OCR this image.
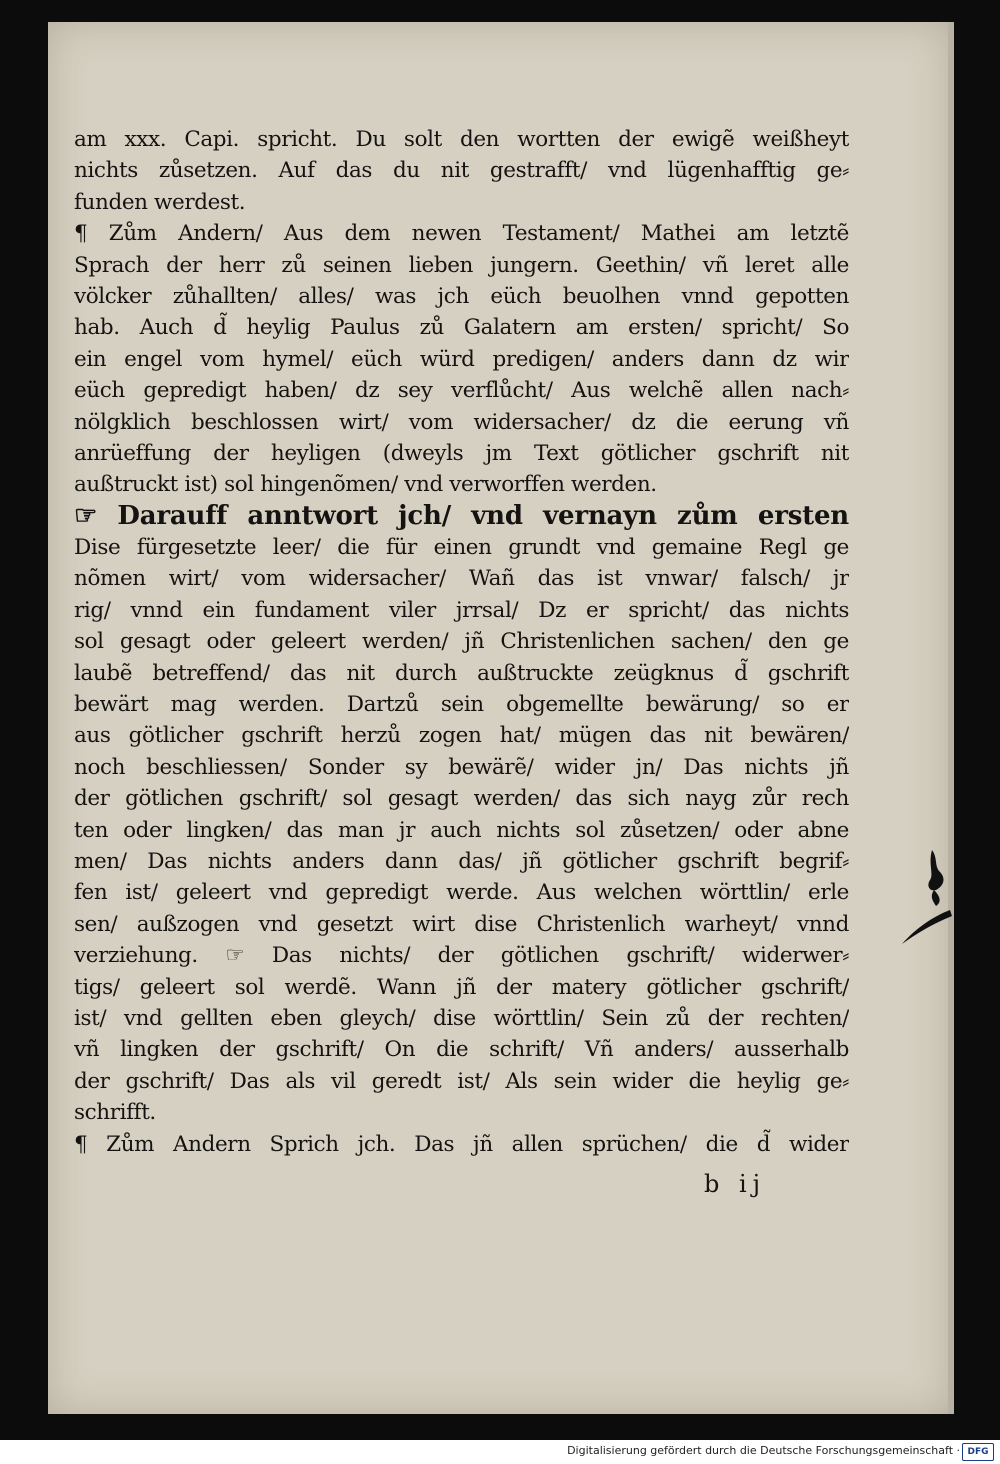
am xxx. Capi. spricht. Du solt den wortten der ewigẽ weißheyt
nichts zůsetzen. Auf das du nit gestrafft/ vnd lügenhafftig ge⸗
funden werdest.
¶ Zům Andern/ Aus dem newen Testament/ Mathei am letztẽ
Sprach der herr zů seinen lieben jungern. Geethin/ vñ leret alle
völcker zůhallten/ alles/ was jch eüch beuolhen vnnd gepotten
hab. Auch d̃ heylig Paulus zů Galatern am ersten/ spricht/ So
ein engel vom hymel/ eüch würd predigen/ anders dann dz wir
eüch gepredigt haben/ dz sey verflůcht/ Aus welchẽ allen nach⸗
nölgklich beschlossen wirt/ vom widersacher/ dz die eerung vñ
anrüeffung der heyligen (dweyls jm Text götlicher gschrift nit
außtruckt ist) sol hingenõmen/ vnd verworffen werden.
☞ Darauff anntwort jch/ vnd vernayn zům ersten
Dise fürgesetzte leer/ die für einen grundt vnd gemaine Regl ge
nõmen wirt/ vom widersacher/ Wañ das ist vnwar/ falsch/ jr
rig/ vnnd ein fundament viler jrrsal/ Dz er spricht/ das nichts
sol gesagt oder geleert werden/ jñ Christenlichen sachen/ den ge
laubẽ betreffend/ das nit durch außtruckte zeügknus d̃ gschrift
bewärt mag werden. Dartzů sein obgemellte bewärung/ so er
aus götlicher gschrift herzů zogen hat/ mügen das nit bewären/
noch beschliessen/ Sonder sy bewärẽ/ wider jn/ Das nichts jñ
der götlichen gschrift/ sol gesagt werden/ das sich nayg zůr rech
ten oder lingken/ das man jr auch nichts sol zůsetzen/ oder abne
men/ Das nichts anders dann das/ jñ götlicher gschrift begrif⸗
fen ist/ geleert vnd gepredigt werde. Aus welchen wörttlin/ erle
sen/ außzogen vnd gesetzt wirt dise Christenlich warheyt/ vnnd
verziehung. ☞ Das nichts/ der götlichen gschrift/ widerwer⸗
tigs/ geleert sol werdẽ. Wann jñ der matery götlicher gschrift/
ist/ vnd gellten eben gleych/ dise wörttlin/ Sein zů der rechten/
vñ lingken der gschrift/ On die schrift/ Vñ anders/ ausserhalb
der gschrift/ Das als vil geredt ist/ Als sein wider die heylig ge⸗
schrifft.
¶ Zům Andern Sprich jch. Das jñ allen sprüchen/ die d̃ wider
b ij
Digitalisierung gefördert durch die Deutsche Forschungsgemeinschaft · DFG
